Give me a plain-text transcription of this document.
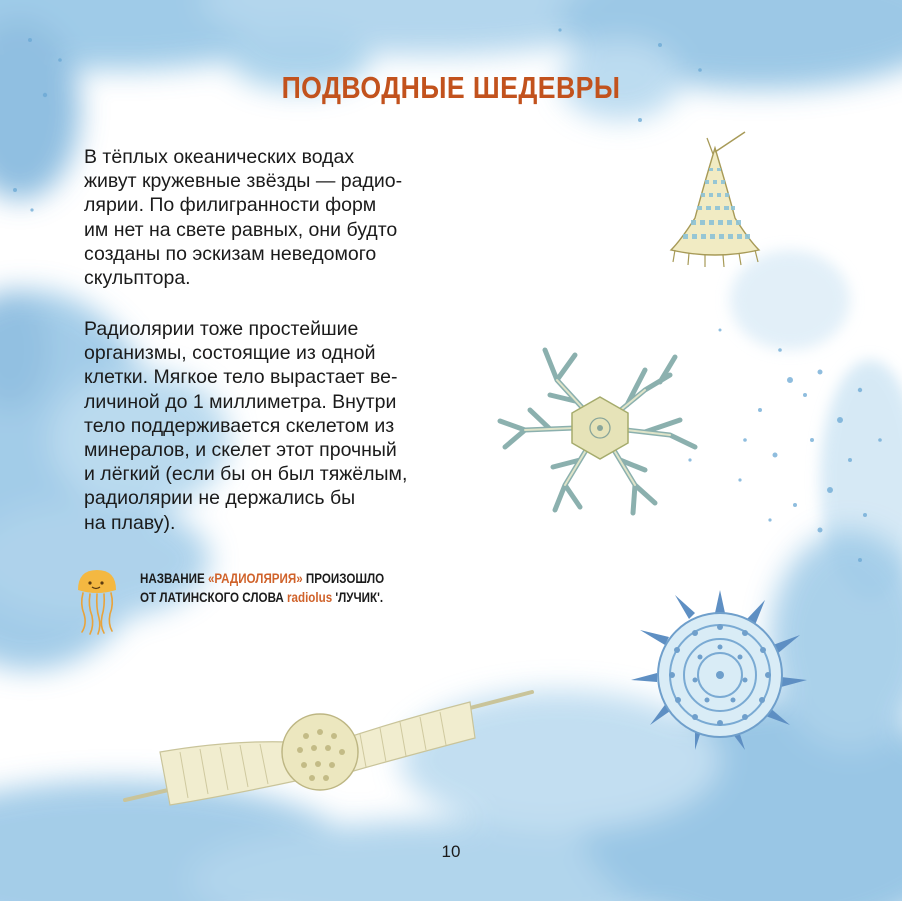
ПОДВОДНЫЕ ШЕДЕВРЫ

В тёплых океанических водах
живут кружевные звёзды — радио-
лярии. По филигранности форм
им нет на свете равных, они будто
созданы по эскизам неведомого
скульптора.

Радиолярии тоже простейшие
организмы, состоящие из одной
клетки. Мягкое тело вырастает ве-
личиной до 1 миллиметра. Внутри
тело поддерживается скелетом из
минералов, и скелет этот прочный
и лёгкий (если бы он был тяжёлым,
радиолярии не держались бы
на плаву).

НАЗВАНИЕ «РАДИОЛЯРИЯ» ПРОИЗОШЛО
ОТ ЛАТИНСКОГО СЛОВА radiolus 'ЛУЧИК'.
10
